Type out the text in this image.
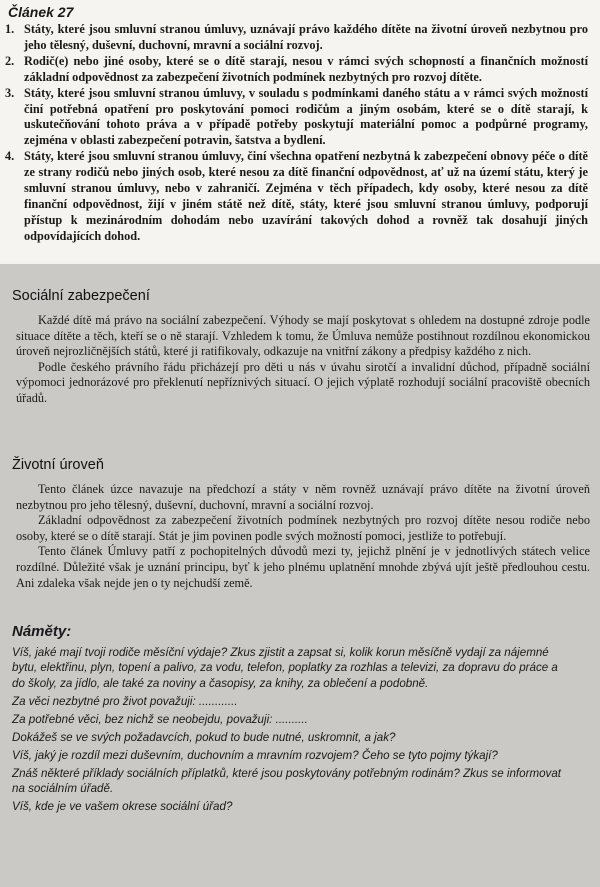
Článek 27
1. Státy, které jsou smluvní stranou úmluvy, uznávají právo každého dítěte na životní úroveň nezbytnou pro jeho tělesný, duševní, duchovní, mravní a sociální rozvoj.
2. Rodič(e) nebo jiné osoby, které se o dítě starají, nesou v rámci svých schopností a finančních možností základní odpovědnost za zabezpečení životních podmínek nezbytných pro rozvoj dítěte.
3. Státy, které jsou smluvní stranou úmluvy, v souladu s podmínkami daného státu a v rámci svých možností činí potřebná opatření pro poskytování pomoci rodičům a jiným osobám, které se o dítě starají, k uskutečňování tohoto práva a v případě potřeby poskytují materiální pomoc a podpůrné programy, zejména v oblasti zabezpečení potravin, šatstva a bydlení.
4. Státy, které jsou smluvní stranou úmluvy, činí všechna opatření nezbytná k zabezpečení obnovy péče o dítě ze strany rodičů nebo jiných osob, které nesou za dítě finanční odpovědnost, ať už na území státu, který je smluvní stranou úmluvy, nebo v zahraničí. Zejména v těch případech, kdy osoby, které nesou za dítě finanční odpovědnost, žijí v jiném státě než dítě, státy, které jsou smluvní stranou úmluvy, podporují přístup k mezinárodním dohodám nebo uzavírání takových dohod a rovněž tak dosahují jiných odpovídajících dohod.
Sociální zabezpečení

Každé dítě má právo na sociální zabezpečení. Výhody se mají poskytovat s ohledem na dostupné zdroje podle situace dítěte a těch, kteří se o ně starají. Vzhledem k tomu, že Úmluva nemůže postihnout rozdílnou ekonomickou úroveň nejrozličnějších států, které ji ratifikovaly, odkazuje na vnitřní zákony a předpisy každého z nich.

Podle českého právního řádu přicházejí pro děti u nás v úvahu sirotčí a invalidní důchod, případně sociální výpomoci jednorázové pro překlenutí nepříznivých situací. O jejich výplatě rozhodují sociální pracoviště obecních úřadů.

Životní úroveň

Tento článek úzce navazuje na předchozí a státy v něm rovněž uznávají právo dítěte na životní úroveň nezbytnou pro jeho tělesný, duševní, duchovní, mravní a sociální rozvoj.

Základní odpovědnost za zabezpečení životních podmínek nezbytných pro rozvoj dítěte nesou rodiče nebo osoby, které se o dítě starají. Stát je jim povinen podle svých možností pomoci, jestliže to potřebují.

Tento článek Úmluvy patří z pochopitelných důvodů mezi ty, jejichž plnění je v jednotlivých státech velice rozdílné. Důležité však je uznání principu, byť k jeho plnému uplatnění mnohde zbývá ujít ještě předlouhou cestu. Ani zdaleka však nejde jen o ty nejchudší země.

Náměty:
Víš, jaké mají tvoji rodiče měsíční výdaje? Zkus zjistit a zapsat si, kolik korun měsíčně vydají za nájemné bytu, elektřinu, plyn, topení a palivo, za vodu, telefon, poplatky za rozhlas a televizi, za dopravu do práce a do školy, za jídlo, ale také za noviny a časopisy, za knihy, za oblečení a podobně.
Za věci nezbytné pro život považuji: ............
Za potřebné věci, bez nichž se neobejdu, považuji: ..........
Dokážeš se ve svých požadavcích, pokud to bude nutné, uskromnit, a jak?
Víš, jaký je rozdíl mezi duševním, duchovním a mravním rozvojem? Čeho se tyto pojmy týkají?
Znáš některé příklady sociálních příplatků, které jsou poskytovány potřebným rodinám? Zkus se informovat na sociálním úřadě.
Víš, kde je ve vašem okrese sociální úřad?
